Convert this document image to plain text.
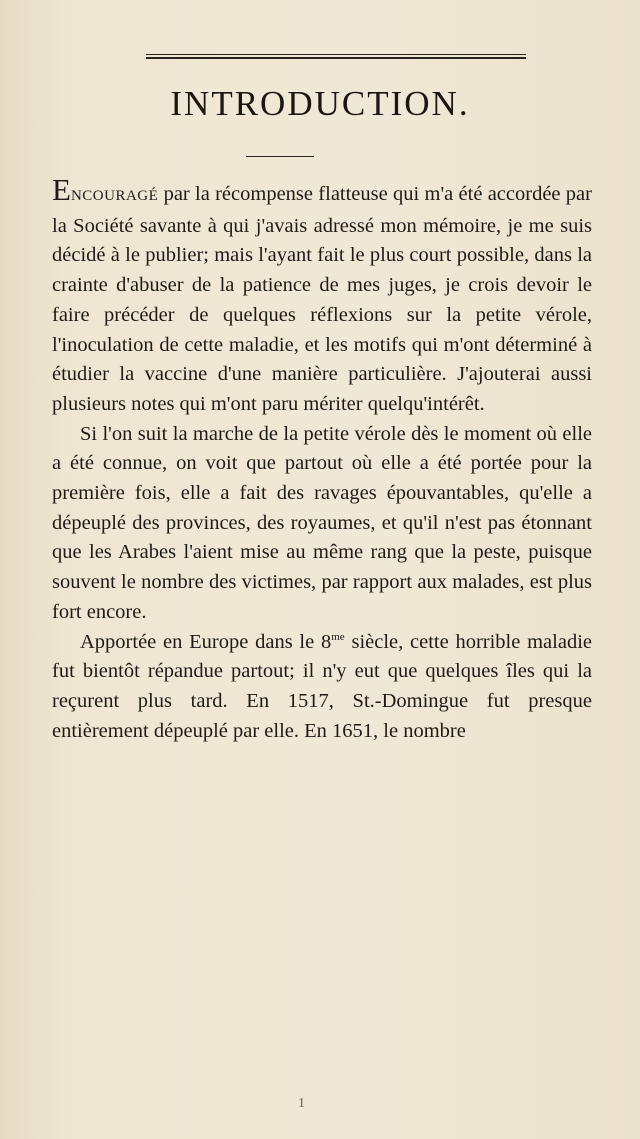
INTRODUCTION.

ENCOURAGÉ par la récompense flatteuse qui m'a été accordée par la Société savante à qui j'avais adressé mon mémoire, je me suis décidé à le publier; mais l'ayant fait le plus court possible, dans la crainte d'abuser de la patience de mes juges, je crois devoir le faire précéder de quelques réflexions sur la petite vérole, l'inoculation de cette maladie, et les motifs qui m'ont déterminé à étudier la vaccine d'une manière particulière. J'ajouterai aussi plusieurs notes qui m'ont paru mériter quelqu'intérêt.

Si l'on suit la marche de la petite vérole dès le moment où elle a été connue, on voit que partout où elle a été portée pour la première fois, elle a fait des ravages épouvantables, qu'elle a dépeuplé des provinces, des royaumes, et qu'il n'est pas étonnant que les Arabes l'aient mise au même rang que la peste, puisque souvent le nombre des victimes, par rapport aux malades, est plus fort encore.

Apportée en Europe dans le $8^{me}$ siècle, cette horrible maladie fut bientôt répandue partout; il n'y eut que quelques îles qui la reçurent plus tard. En 1517, St.-Domingue fut presque entièrement dépeuplé par elle. En 1651, le nombre

1
